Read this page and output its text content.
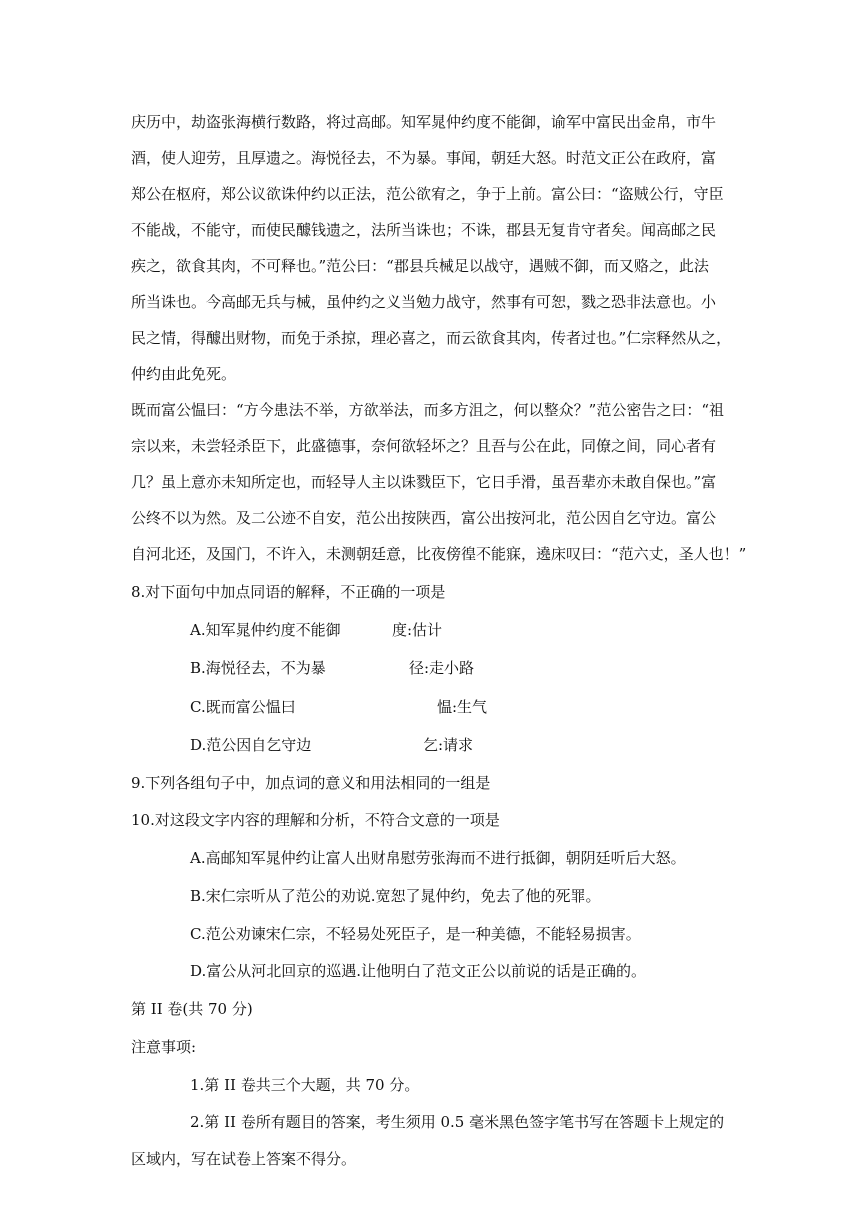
庆历中，劫盗张海横行数路，将过高邮。知军晁仲约度不能御，谕军中富民出金帛，市牛
酒，使人迎劳，且厚遗之。海悦径去，不为暴。事闻，朝廷大怒。时范文正公在政府，富
郑公在枢府，郑公议欲诛仲约以正法，范公欲宥之，争于上前。富公曰：“盗贼公行，守臣
不能战，不能守，而使民醵钱遗之，法所当诛也；不诛，郡县无复肯守者矣。闻高邮之民
疾之，欲食其肉，不可释也。”范公曰：“郡县兵械足以战守，遇贼不御，而又赂之，此法
所当诛也。今高邮无兵与械，虽仲约之义当勉力战守，然事有可恕，戮之恐非法意也。小
民之情，得醵出财物，而免于杀掠，理必喜之，而云欲食其肉，传者过也。”仁宗释然从之，
仲约由此免死。
既而富公愠曰：“方今患法不举，方欲举法，而多方沮之，何以整众？”范公密告之曰：“祖
宗以来，未尝轻杀臣下，此盛德事，奈何欲轻坏之？且吾与公在此，同僚之间，同心者有
几？虽上意亦未知所定也，而轻导人主以诛戮臣下，它日手滑，虽吾辈亦未敢自保也。”富
公终不以为然。及二公迹不自安，范公出按陕西，富公出按河北，范公因自乞守边。富公
自河北还，及国门，不许入，未测朝廷意，比夜傍徨不能寐，遶床叹曰：“范六丈，圣人也！”
8.对下面句中加点同语的解释，不正确的一项是
A.知军晁仲约度不能御	度:估计
B.海悦径去，不为暴	径:走小路
C.既而富公愠曰	愠:生气
D.范公因自乞守边	乞:请求
9.下列各组句子中，加点词的意义和用法相同的一组是
10.对这段文字内容的理解和分析，不符合文意的一项是
A.高邮知军晁仲约让富人出财帛慰劳张海而不进行抵御，朝阴廷听后大怒。
B.宋仁宗听从了范公的劝说.宽恕了晁仲约，免去了他的死罪。
C.范公劝谏宋仁宗，不轻易处死臣子，是一种美德，不能轻易损害。
D.富公从河北回京的巡遇.让他明白了范文正公以前说的话是正确的。
第 II 卷(共 70 分)
注意事项:
1.第 II 卷共三个大题，共 70 分。
2.第 II 卷所有题目的答案，考生须用 0.5 毫米黑色签字笔书写在答题卡上规定的
区域内，写在试卷上答案不得分。
